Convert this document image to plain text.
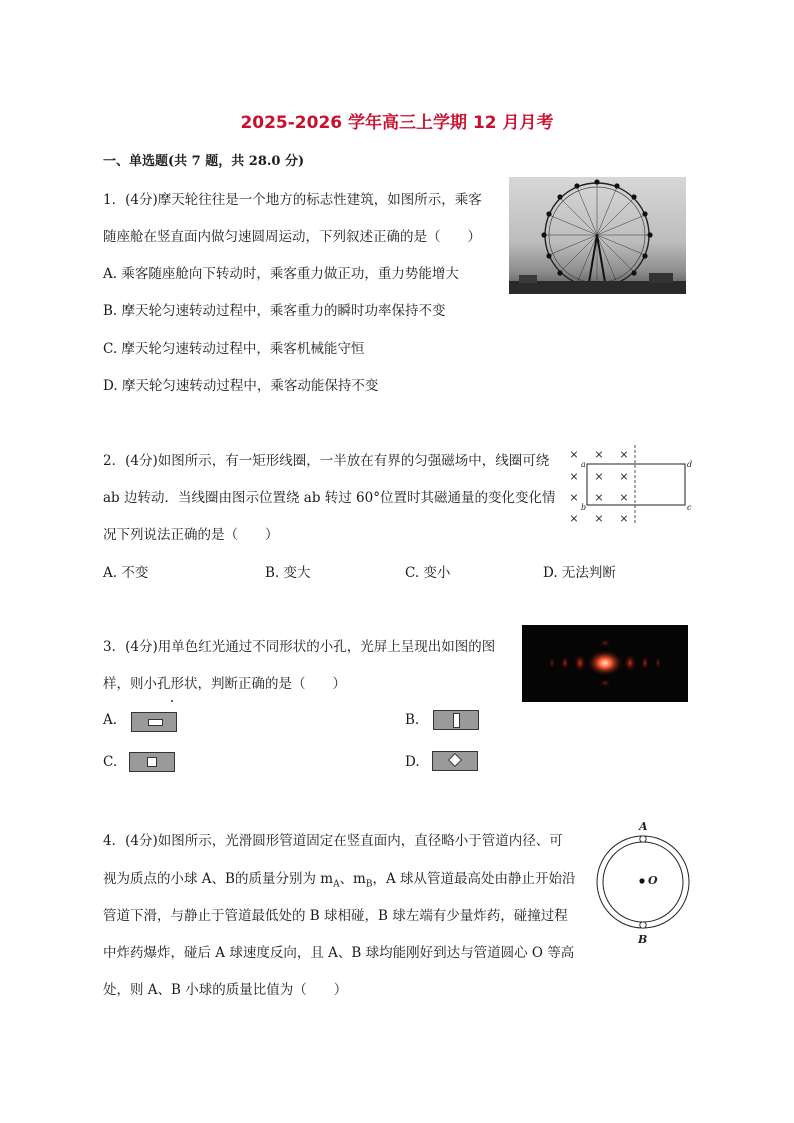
2025-2026 学年高三上学期 12 月月考
一、单选题(共 7 题，共 28.0 分)
1．(4分)摩天轮往往是一个地方的标志性建筑，如图所示，乘客
随座舱在竖直面内做匀速圆周运动，下列叙述正确的是（　　）
A. 乘客随座舱向下转动时，乘客重力做正功，重力势能增大
B. 摩天轮匀速转动过程中，乘客重力的瞬时功率保持不变
C. 摩天轮匀速转动过程中，乘客机械能守恒
D. 摩天轮匀速转动过程中，乘客动能保持不变
2．(4分)如图所示，有一矩形线圈，一半放在有界的匀强磁场中，线圈可绕
ab 边转动．当线圈由图示位置绕 ab 转过 60°位置时其磁通量的变化变化情
况下列说法正确的是（　　）
A. 不变	B. 变大	C. 变小	D. 无法判断
× × ×
× × ×
× × ×
× × ×
a
b
d
c
3．(4分)用单色红光通过不同形状的小孔，光屏上呈现出如图的图
样，则小孔形状，判断正确的是（　　）
A.	B.
C.	D.
4．(4分)如图所示，光滑圆形管道固定在竖直面内，直径略小于管道内径、可
视为质点的小球 A、B的质量分别为 $m_A$、$m_B$，A 球从管道最高处由静止开始沿
管道下滑，与静止于管道最低处的 B 球相碰，B 球左端有少量炸药，碰撞过程
中炸药爆炸，碰后 A 球速度反向，且 A、B 球均能刚好到达与管道圆心 O 等高
处，则 A、B 小球的质量比值为（　　）
A
B
O
